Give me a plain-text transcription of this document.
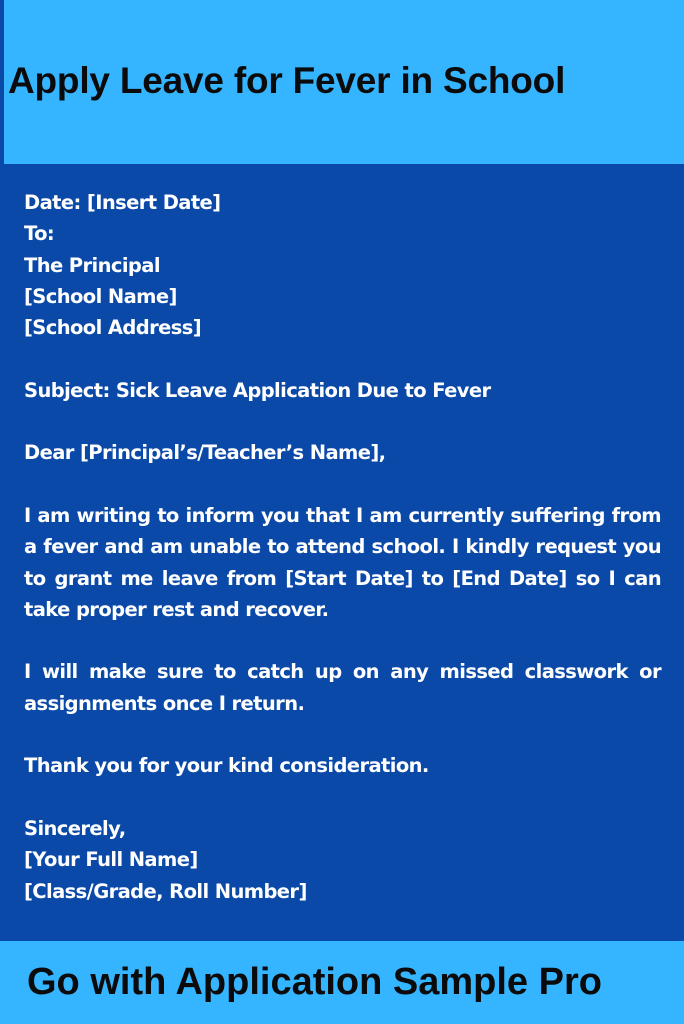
Apply Leave for Fever in School
Date: [Insert Date]
To:
The Principal
[School Name]
[School Address]
Subject: Sick Leave Application Due to Fever
Dear [Principal’s/Teacher’s Name],
I am writing to inform you that I am currently suffering from a fever and am unable to attend school. I kindly request you to grant me leave from [Start Date] to [End Date] so I can take proper rest and recover.
I will make sure to catch up on any missed classwork or assignments once I return.
Thank you for your kind consideration.
Sincerely,
[Your Full Name]
[Class/Grade, Roll Number]

Go with Application Sample Pro
